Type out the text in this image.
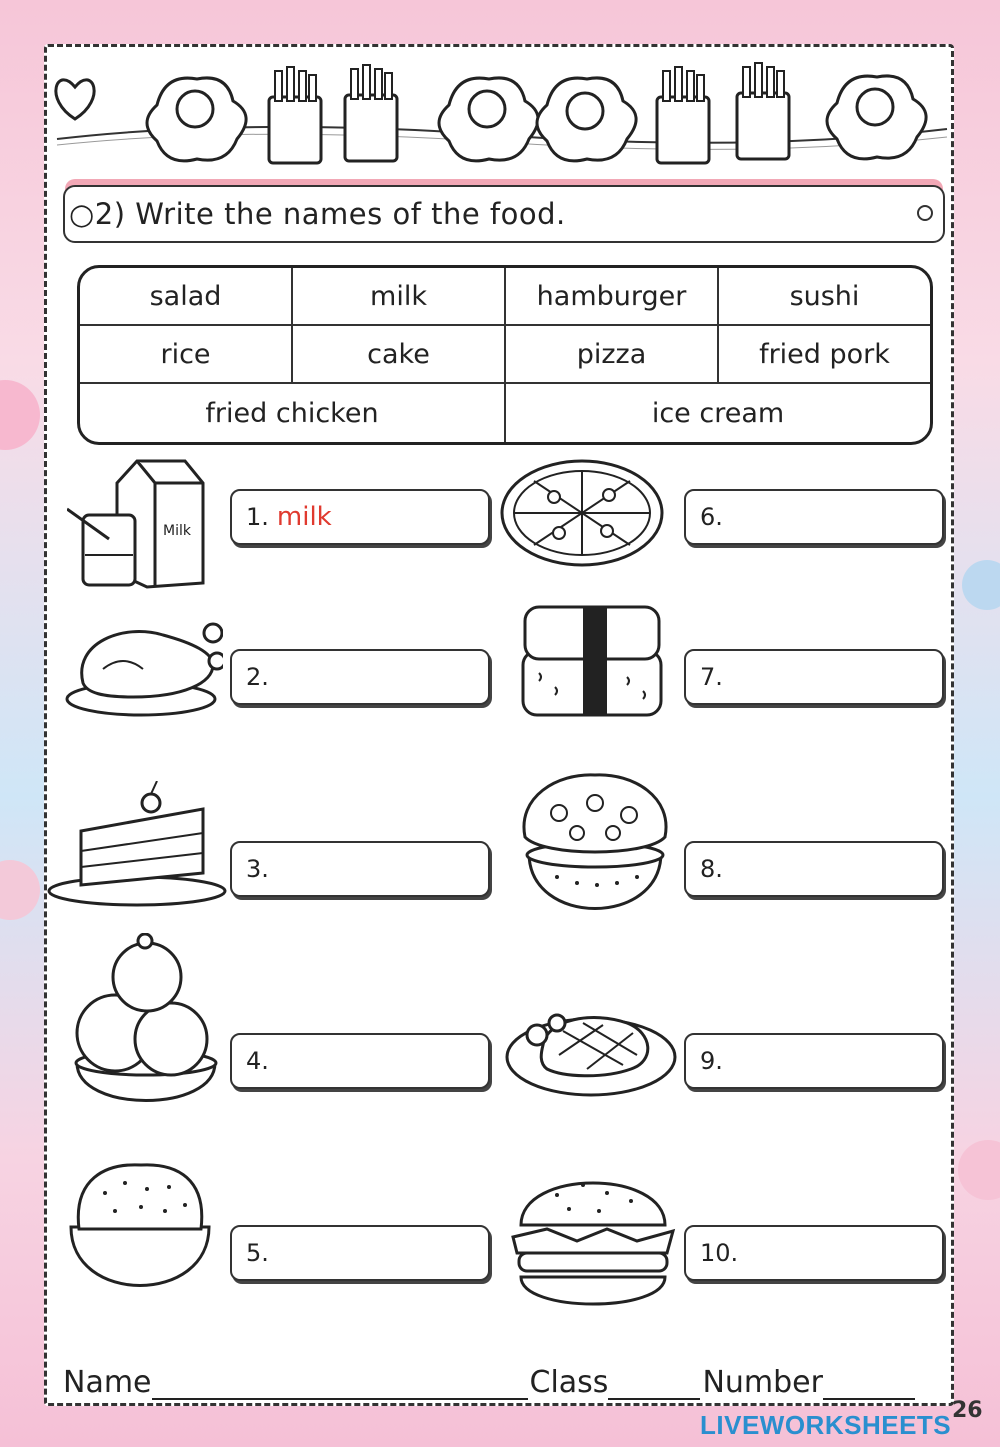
○2) Write the names of the food.
salad	milk	hamburger	sushi
rice	cake	pizza	fried pork
fried chicken	ice cream
Milk 1. milk
2.
3.
4.
5.
6.
7.
8.
9.
10.
Name	Class	Number
LIVEWORKSHEETS 26
